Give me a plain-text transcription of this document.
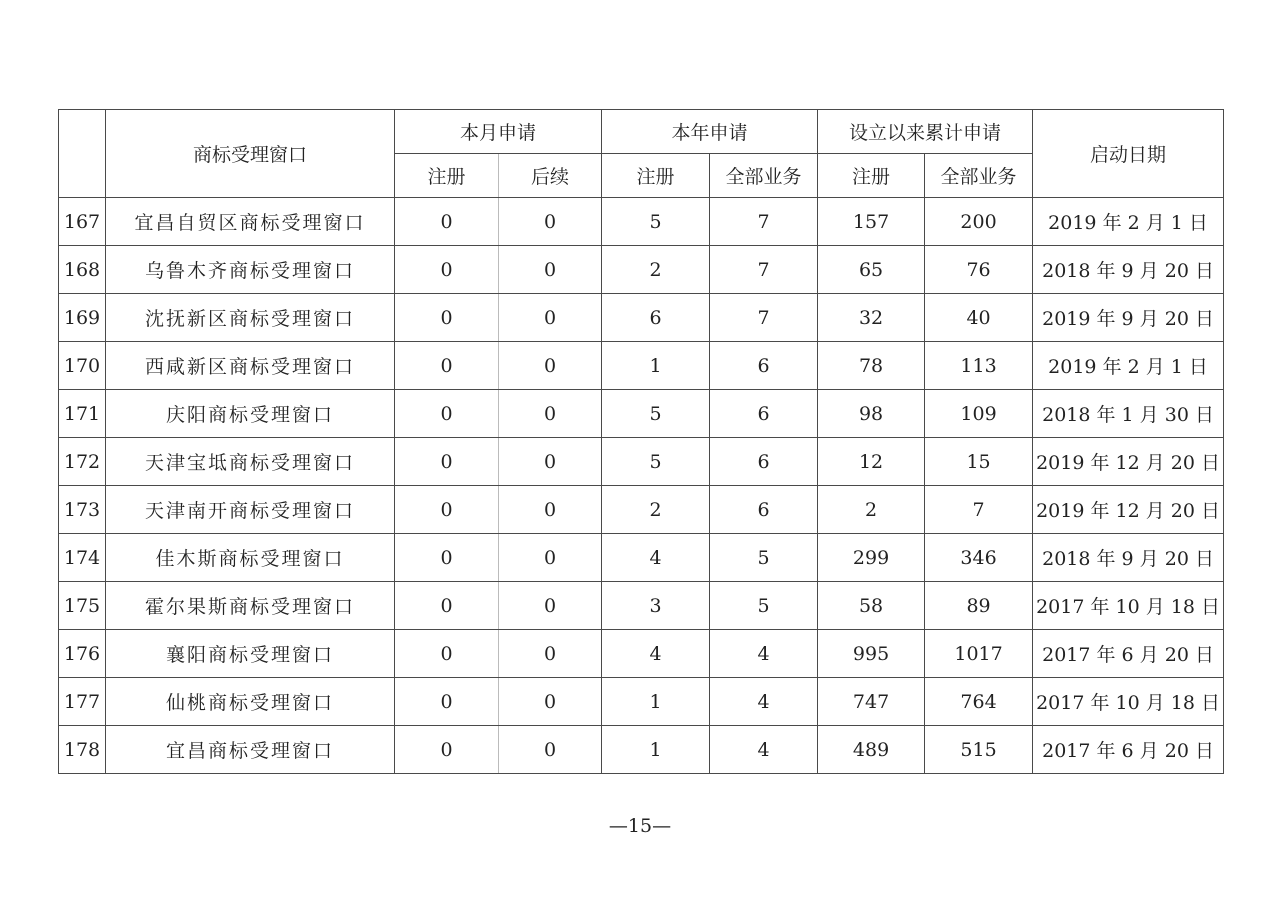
	商标受理窗口	本月申请		本年申请		设立以来累计申请		启动日期
		注册	后续	注册	全部业务	注册	全部业务	
167	宜昌自贸区商标受理窗口	0	0	5	7	157	200	2019 年 2 月 1 日
168	乌鲁木齐商标受理窗口	0	0	2	7	65	76	2018 年 9 月 20 日
169	沈抚新区商标受理窗口	0	0	6	7	32	40	2019 年 9 月 20 日
170	西咸新区商标受理窗口	0	0	1	6	78	113	2019 年 2 月 1 日
171	庆阳商标受理窗口	0	0	5	6	98	109	2018 年 1 月 30 日
172	天津宝坻商标受理窗口	0	0	5	6	12	15	2019 年 12 月 20 日
173	天津南开商标受理窗口	0	0	2	6	2	7	2019 年 12 月 20 日
174	佳木斯商标受理窗口	0	0	4	5	299	346	2018 年 9 月 20 日
175	霍尔果斯商标受理窗口	0	0	3	5	58	89	2017 年 10 月 18 日
176	襄阳商标受理窗口	0	0	4	4	995	1017	2017 年 6 月 20 日
177	仙桃商标受理窗口	0	0	1	4	747	764	2017 年 10 月 18 日
178	宜昌商标受理窗口	0	0	1	4	489	515	2017 年 6 月 20 日
—15—
